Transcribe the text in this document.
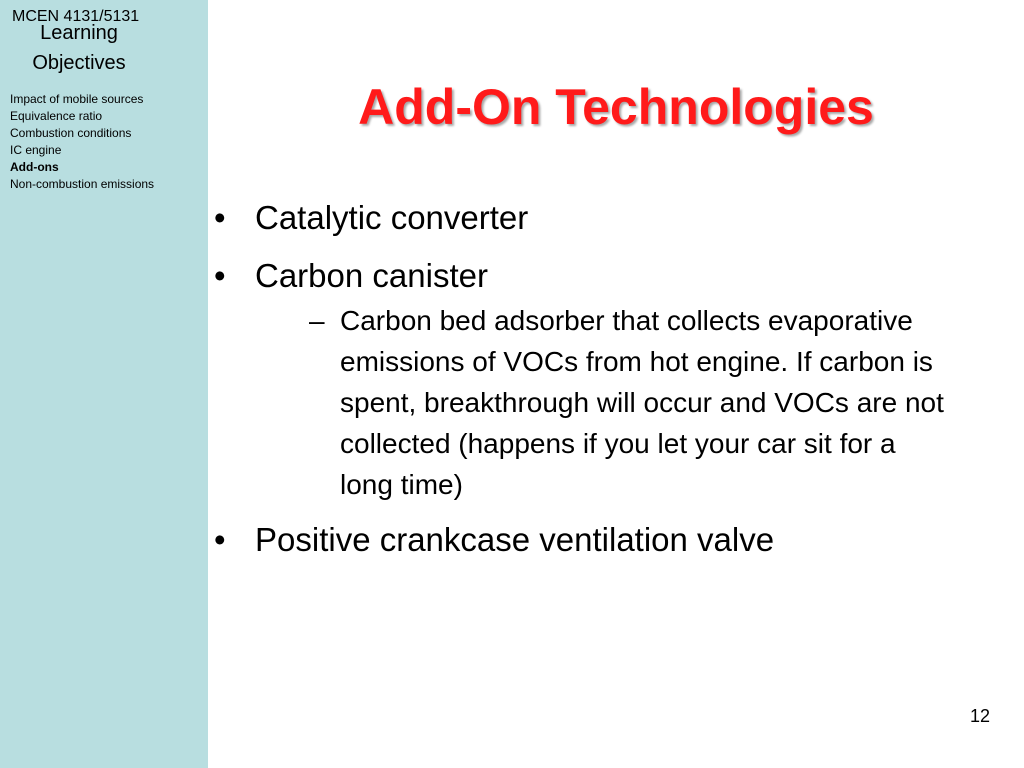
MCEN 4131/5131
Learning Objectives
Impact of mobile sources
Equivalence ratio
Combustion conditions
IC engine
Add-ons
Non-combustion emissions
Add-On Technologies
• Catalytic converter
• Carbon canister
– Carbon bed adsorber that collects evaporative emissions of VOCs from hot engine. If carbon is spent, breakthrough will occur and VOCs are not collected (happens if you let your car sit for a long time)
• Positive crankcase ventilation valve
12
